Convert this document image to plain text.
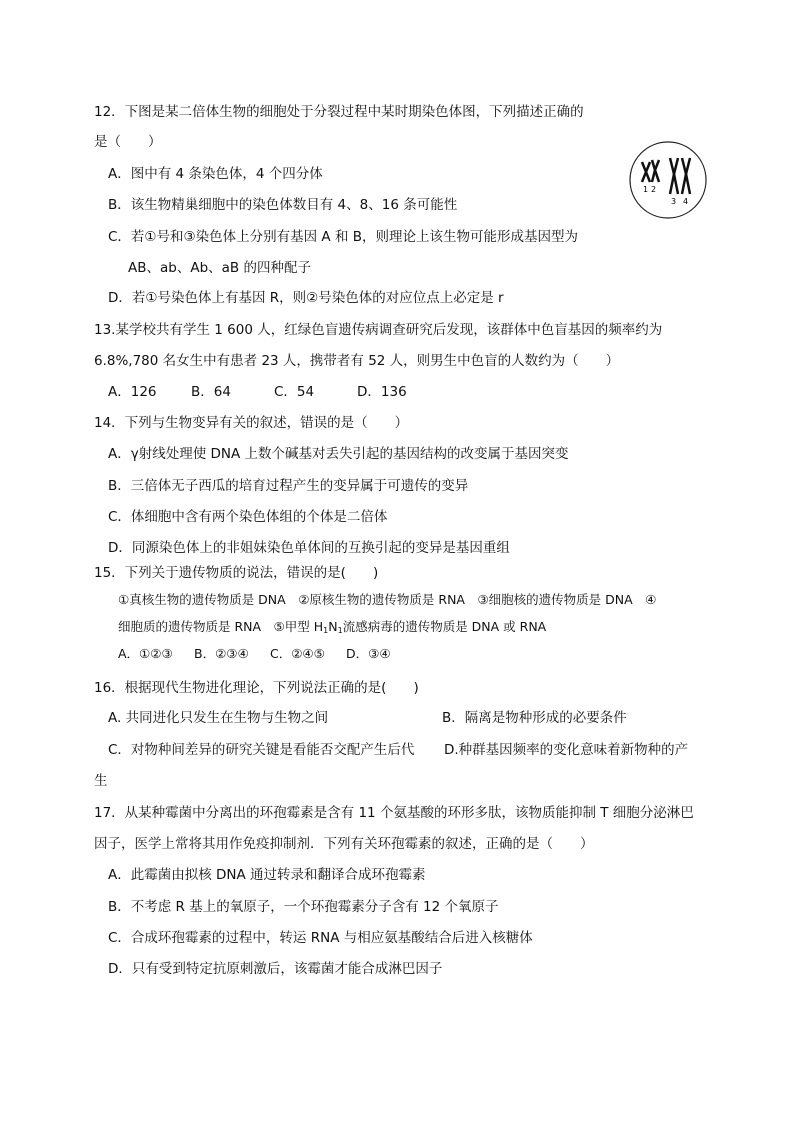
12．下图是某二倍体生物的细胞处于分裂过程中某时期染色体图，下列描述正确的
是（　　）
A．图中有 4 条染色体，4 个四分体
B．该生物精巢细胞中的染色体数目有 4、8、16 条可能性
C．若①号和③染色体上分别有基因 A 和 B，则理论上该生物可能形成基因型为
AB、ab、Ab、aB 的四种配子
D．若①号染色体上有基因 R，则②号染色体的对应位点上必定是 r
1 2
3 4
13.某学校共有学生 1 600 人，红绿色盲遗传病调查研究后发现，该群体中色盲基因的频率约为
6.8%,780 名女生中有患者 23 人，携带者有 52 人，则男生中色盲的人数约为（　　）
A．126	B．64	C．54	D．136
14．下列与生物变异有关的叙述，错误的是（　　）
A．γ射线处理使 DNA 上数个碱基对丢失引起的基因结构的改变属于基因突变
B．三倍体无子西瓜的培育过程产生的变异属于可遗传的变异
C．体细胞中含有两个染色体组的个体是二倍体
D．同源染色体上的非姐妹染色单体间的互换引起的变异是基因重组
15．下列关于遗传物质的说法，错误的是(　　)
①真核生物的遗传物质是 DNA　②原核生物的遗传物质是 RNA　③细胞核的遗传物质是 DNA　④
细胞质的遗传物质是 RNA　⑤甲型 $H_1N_1$流感病毒的遗传物质是 DNA 或 RNA
A．①②③ B．②③④ C．②④⑤ D．③④
16．根据现代生物进化理论，下列说法正确的是(　　)
A. 共同进化只发生在生物与生物之间	B．隔离是物种形成的必要条件
C．对物种间差异的研究关键是看能否交配产生后代 D.种群基因频率的变化意味着新物种的产
生
17．从某种霉菌中分离出的环孢霉素是含有 11 个氨基酸的环形多肽，该物质能抑制 T 细胞分泌淋巴
因子，医学上常将其用作免疫抑制剂．下列有关环孢霉素的叙述，正确的是（　　）
A．此霉菌由拟核 DNA 通过转录和翻译合成环孢霉素
B．不考虑 R 基上的氧原子，一个环孢霉素分子含有 12 个氧原子
C．合成环孢霉素的过程中，转运 RNA 与相应氨基酸结合后进入核糖体
D．只有受到特定抗原刺激后，该霉菌才能合成淋巴因子
